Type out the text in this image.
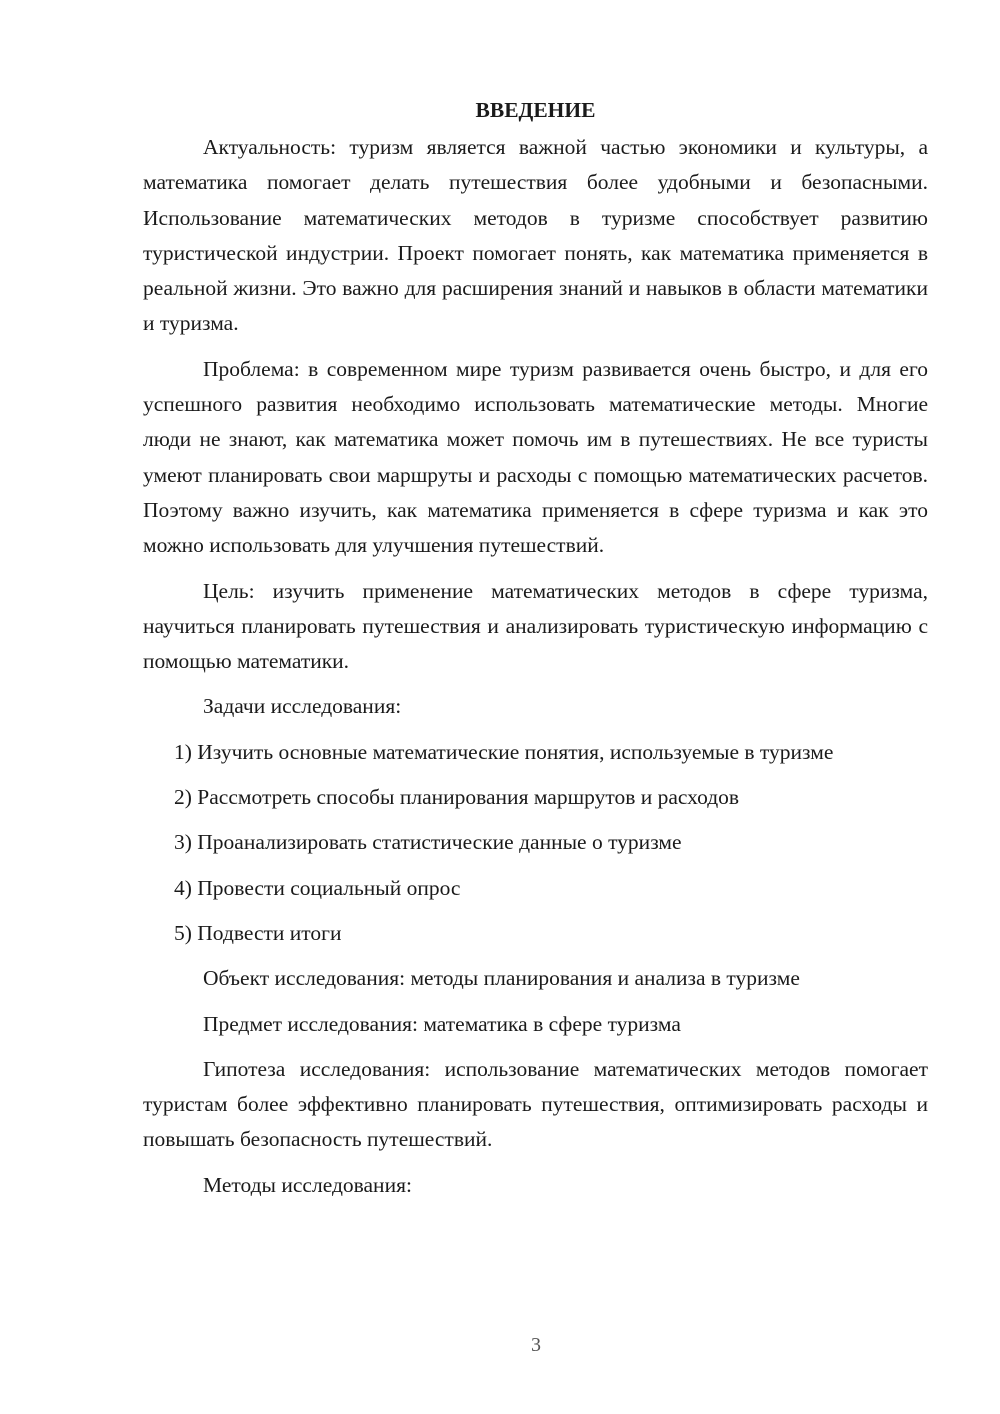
ВВЕДЕНИЕ

Актуальность: туризм является важной частью экономики и культуры, а математика помогает делать путешествия более удобными и безопасными. Использование математических методов в туризме способствует развитию туристической индустрии. Проект помогает понять, как математика применяется в реальной жизни. Это важно для расширения знаний и навыков в области математики и туризма.

Проблема: в современном мире туризм развивается очень быстро, и для его успешного развития необходимо использовать математические методы. Многие люди не знают, как математика может помочь им в путешествиях. Не все туристы умеют планировать свои маршруты и расходы с помощью математических расчетов. Поэтому важно изучить, как математика применяется в сфере туризма и как это можно использовать для улучшения путешествий.

Цель: изучить применение математических методов в сфере туризма, научиться планировать путешествия и анализировать туристическую информацию с помощью математики.

Задачи исследования:

1) Изучить основные математические понятия, используемые в туризме

2) Рассмотреть способы планирования маршрутов и расходов

3) Проанализировать статистические данные о туризме

4) Провести социальный опрос

5) Подвести итоги

Объект исследования: методы планирования и анализа в туризме

Предмет исследования: математика в сфере туризма

Гипотеза исследования: использование математических методов помогает туристам более эффективно планировать путешествия, оптимизировать расходы и повышать безопасность путешествий.

Методы исследования:

3
